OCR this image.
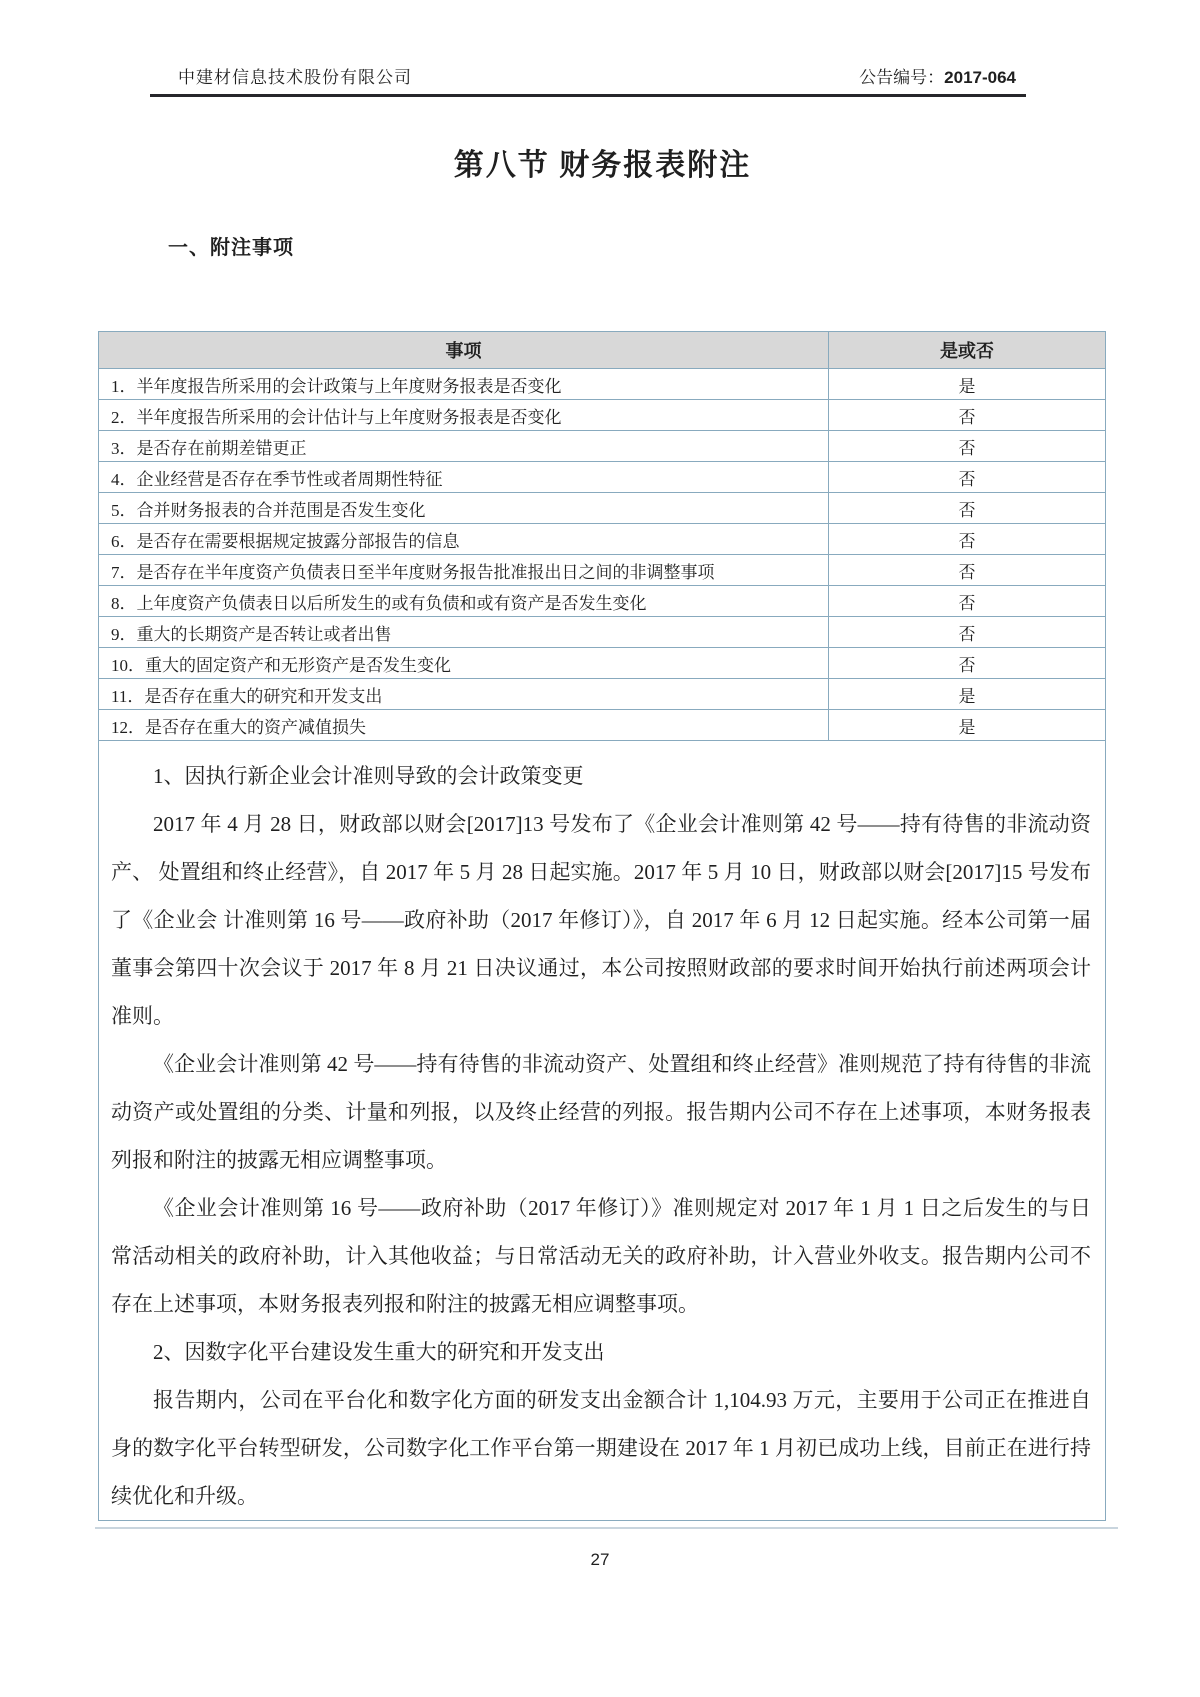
中建材信息技术股份有限公司	公告编号：2017-064
第八节 财务报表附注
一、附注事项
事项	是或否
1．半年度报告所采用的会计政策与上年度财务报表是否变化	是
2．半年度报告所采用的会计估计与上年度财务报表是否变化	否
3．是否存在前期差错更正	否
4．企业经营是否存在季节性或者周期性特征	否
5．合并财务报表的合并范围是否发生变化	否
6．是否存在需要根据规定披露分部报告的信息	否
7．是否存在半年度资产负债表日至半年度财务报告批准报出日之间的非调整事项	否
8．上年度资产负债表日以后所发生的或有负债和或有资产是否发生变化	否
9．重大的长期资产是否转让或者出售	否
10．重大的固定资产和无形资产是否发生变化	否
11．是否存在重大的研究和开发支出	是
12．是否存在重大的资产减值损失	是

1、因执行新企业会计准则导致的会计政策变更

2017 年 4 月 28 日，财政部以财会[2017]13 号发布了《企业会计准则第 42 号——持有待售的非流动资产、 处置组和终止经营》，自 2017 年 5 月 28 日起实施。2017 年 5 月 10 日，财政部以财会[2017]15 号发布了《企业会 计准则第 16 号——政府补助（2017 年修订）》，自 2017 年 6 月 12 日起实施。经本公司第一届董事会第四十次会议于 2017 年 8 月 21 日决议通过，本公司按照财政部的要求时间开始执行前述两项会计准则。

《企业会计准则第 42 号——持有待售的非流动资产、处置组和终止经营》准则规范了持有待售的非流 动资产或处置组的分类、计量和列报，以及终止经营的列报。报告期内公司不存在上述事项，本财务报表列报和附注的披露无相应调整事项。

《企业会计准则第 16 号——政府补助（2017 年修订）》准则规定对 2017 年 1 月 1 日之后发生的与日常活动相关的政府补助，计入其他收益；与日常活动无关的政府补助，计入营业外收支。报告期内公司不存在上述事项，本财务报表列报和附注的披露无相应调整事项。

2、因数字化平台建设发生重大的研究和开发支出

报告期内，公司在平台化和数字化方面的研发支出金额合计 1,104.93 万元，主要用于公司正在推进自身的数字化平台转型研发，公司数字化工作平台第一期建设在 2017 年 1 月初已成功上线，目前正在进行持续优化和升级。

27
